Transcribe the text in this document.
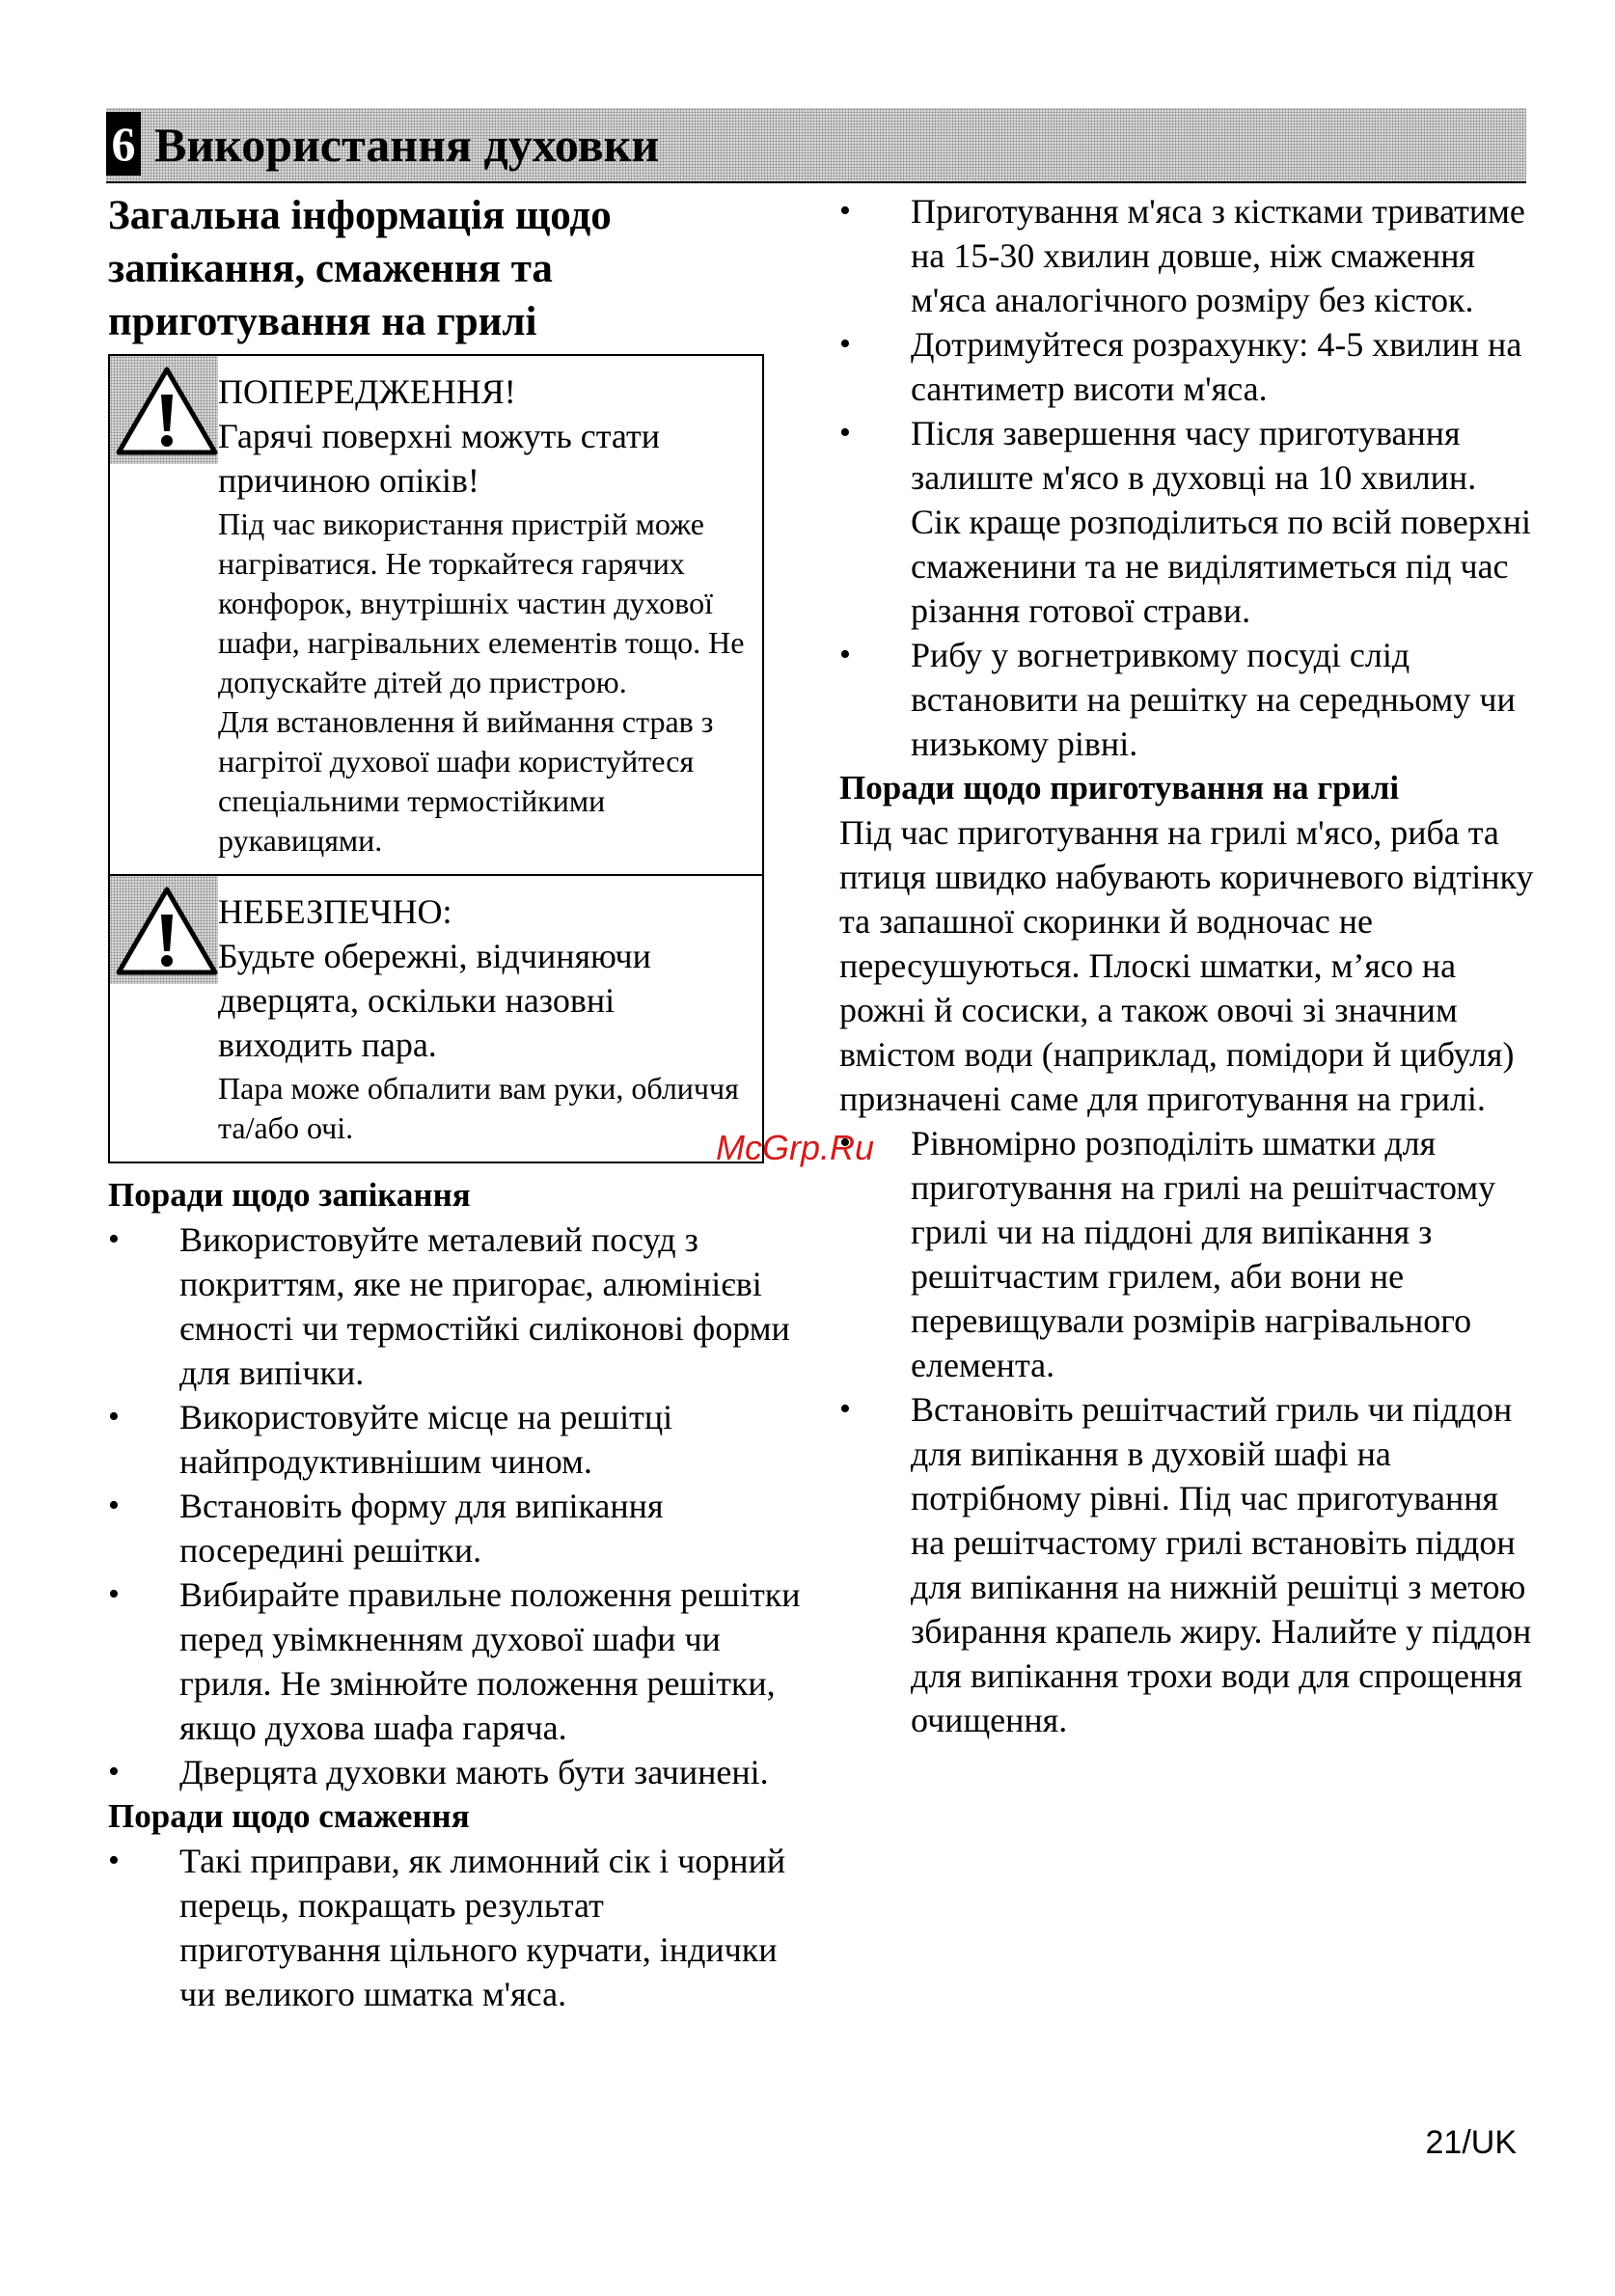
6 Використання духовки
Загальна інформація щодо запікання, смаження та приготування на грилі
ПОПЕРЕДЖЕННЯ!
Гарячі поверхні можуть стати причиною опіків!
Під час використання пристрій може нагріватися. Не торкайтеся гарячих конфорок, внутрішніх частин духової шафи, нагрівальних елементів тощо. Не допускайте дітей до пристрою.
Для встановлення й виймання страв з нагрітої духової шафи користуйтеся спеціальними термостійкими рукавицями.
НЕБЕЗПЕЧНО:
Будьте обережні, відчиняючи дверцята, оскільки назовні виходить пара.
Пара може обпалити вам руки, обличчя та/або очі.
Поради щодо запікання
• Використовуйте металевий посуд з покриттям, яке не пригорає, алюмінієві ємності чи термостійкі силіконові форми для випічки.
• Використовуйте місце на решітці найпродуктивнішим чином.
• Встановіть форму для випікання посередині решітки.
• Вибирайте правильне положення решітки перед увімкненням духової шафи чи гриля. Не змінюйте положення решітки, якщо духова шафа гаряча.
• Дверцята духовки мають бути зачинені.
Поради щодо смаження
• Такі приправи, як лимонний сік і чорний перець, покращать результат приготування цільного курчати, індички чи великого шматка м'яса.
• Приготування м'яса з кістками триватиме на 15-30 хвилин довше, ніж смаження м'яса аналогічного розміру без кісток.
• Дотримуйтеся розрахунку: 4-5 хвилин на сантиметр висоти м'яса.
• Після завершення часу приготування залиште м'ясо в духовці на 10 хвилин. Сік краще розподілиться по всій поверхні смаженини та не виділятиметься під час різання готової страви.
• Рибу у вогнетривкому посуді слід встановити на решітку на середньому чи низькому рівні.
Поради щодо приготування на грилі
Під час приготування на грилі м'ясо, риба та птиця швидко набувають коричневого відтінку та запашної скоринки й водночас не пересушуються. Плоскі шматки, м’ясо на рожні й сосиски, а також овочі зі значним вмістом води (наприклад, помідори й цибуля) призначені саме для приготування на грилі.
• Рівномірно розподіліть шматки для приготування на грилі на решітчастому грилі чи на піддоні для випікання з решітчастим грилем, аби вони не перевищували розмірів нагрівального елемента.
• Встановіть решітчастий гриль чи піддон для випікання в духовій шафі на потрібному рівні. Під час приготування на решітчастому грилі встановіть піддон для випікання на нижній решітці з метою збирання крапель жиру. Налийте у піддон для випікання трохи води для спрощення очищення.
McGrp.Ru
21/UK
